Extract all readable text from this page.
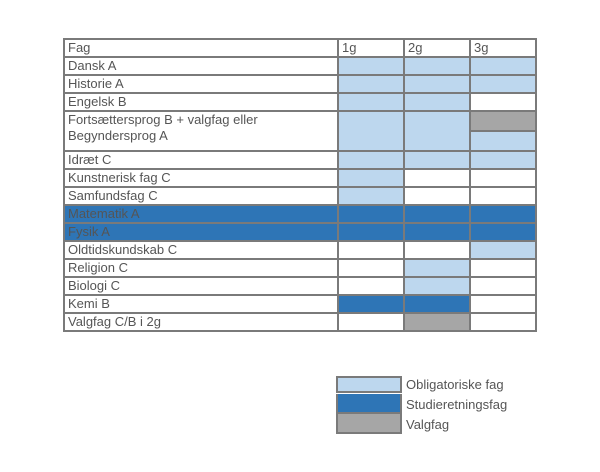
Fag	1g	2g	3g
Dansk A			
Historie A			
Engelsk B			
Fortsættersprog B + valgfag eller
Begyndersprog A			

Idræt C			
Kunstnerisk fag C			
Samfundsfag C			
Matematik A			
Fysik A			
Oldtidskundskab C			
Religion C			
Biologi C			
Kemi B			
Valgfag C/B i 2g			
Obligatoriske fag
Studieretningsfag
Valgfag
